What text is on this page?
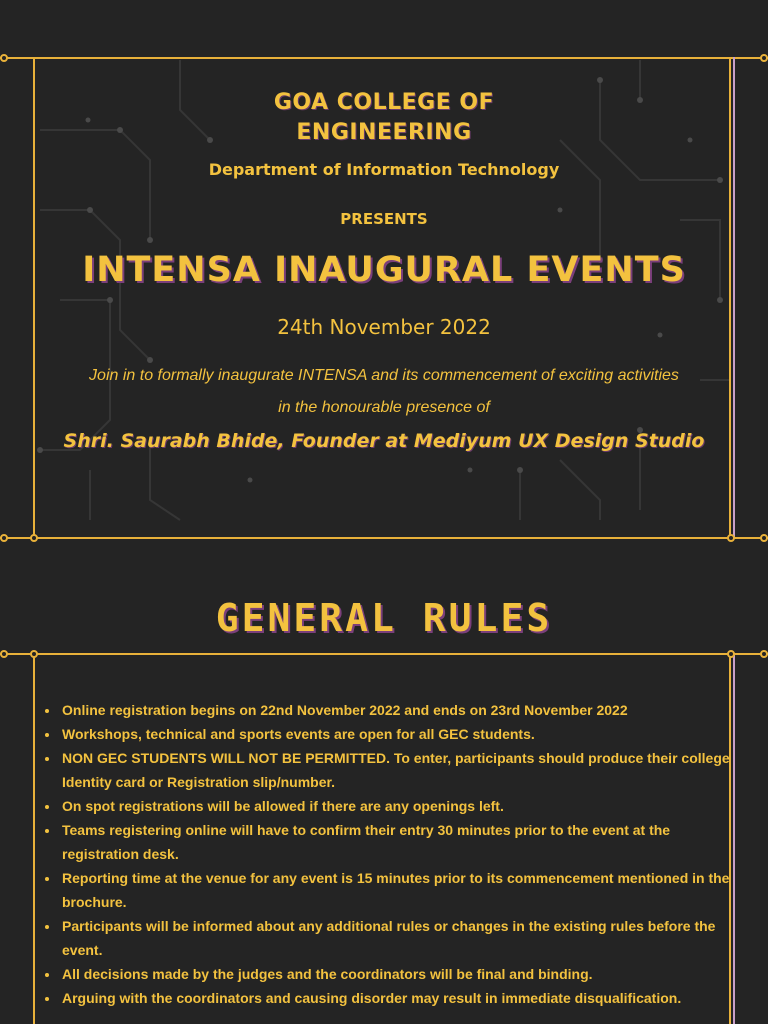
GOA COLLEGE OF
ENGINEERING
Department of Information Technology
PRESENTS
INTENSA INAUGURAL EVENTS
24th November 2022
Join in to formally inaugurate INTENSA and its commencement of exciting activities
in the honourable presence of
Shri. Saurabh Bhide, Founder at Mediyum UX Design Studio
GENERAL RULES
• Online registration begins on 22nd November 2022 and ends on 23rd November 2022
• Workshops, technical and sports events are open for all GEC students.
• NON GEC STUDENTS WILL NOT BE PERMITTED. To enter, participants should produce their college Identity card or Registration slip/number.
• On spot registrations will be allowed if there are any openings left.
• Teams registering online will have to confirm their entry 30 minutes prior to the event at the registration desk.
• Reporting time at the venue for any event is 15 minutes prior to its commencement mentioned in the brochure.
• Participants will be informed about any additional rules or changes in the existing rules before the event.
• All decisions made by the judges and the coordinators will be final and binding.
• Arguing with the coordinators and causing disorder may result in immediate disqualification.
